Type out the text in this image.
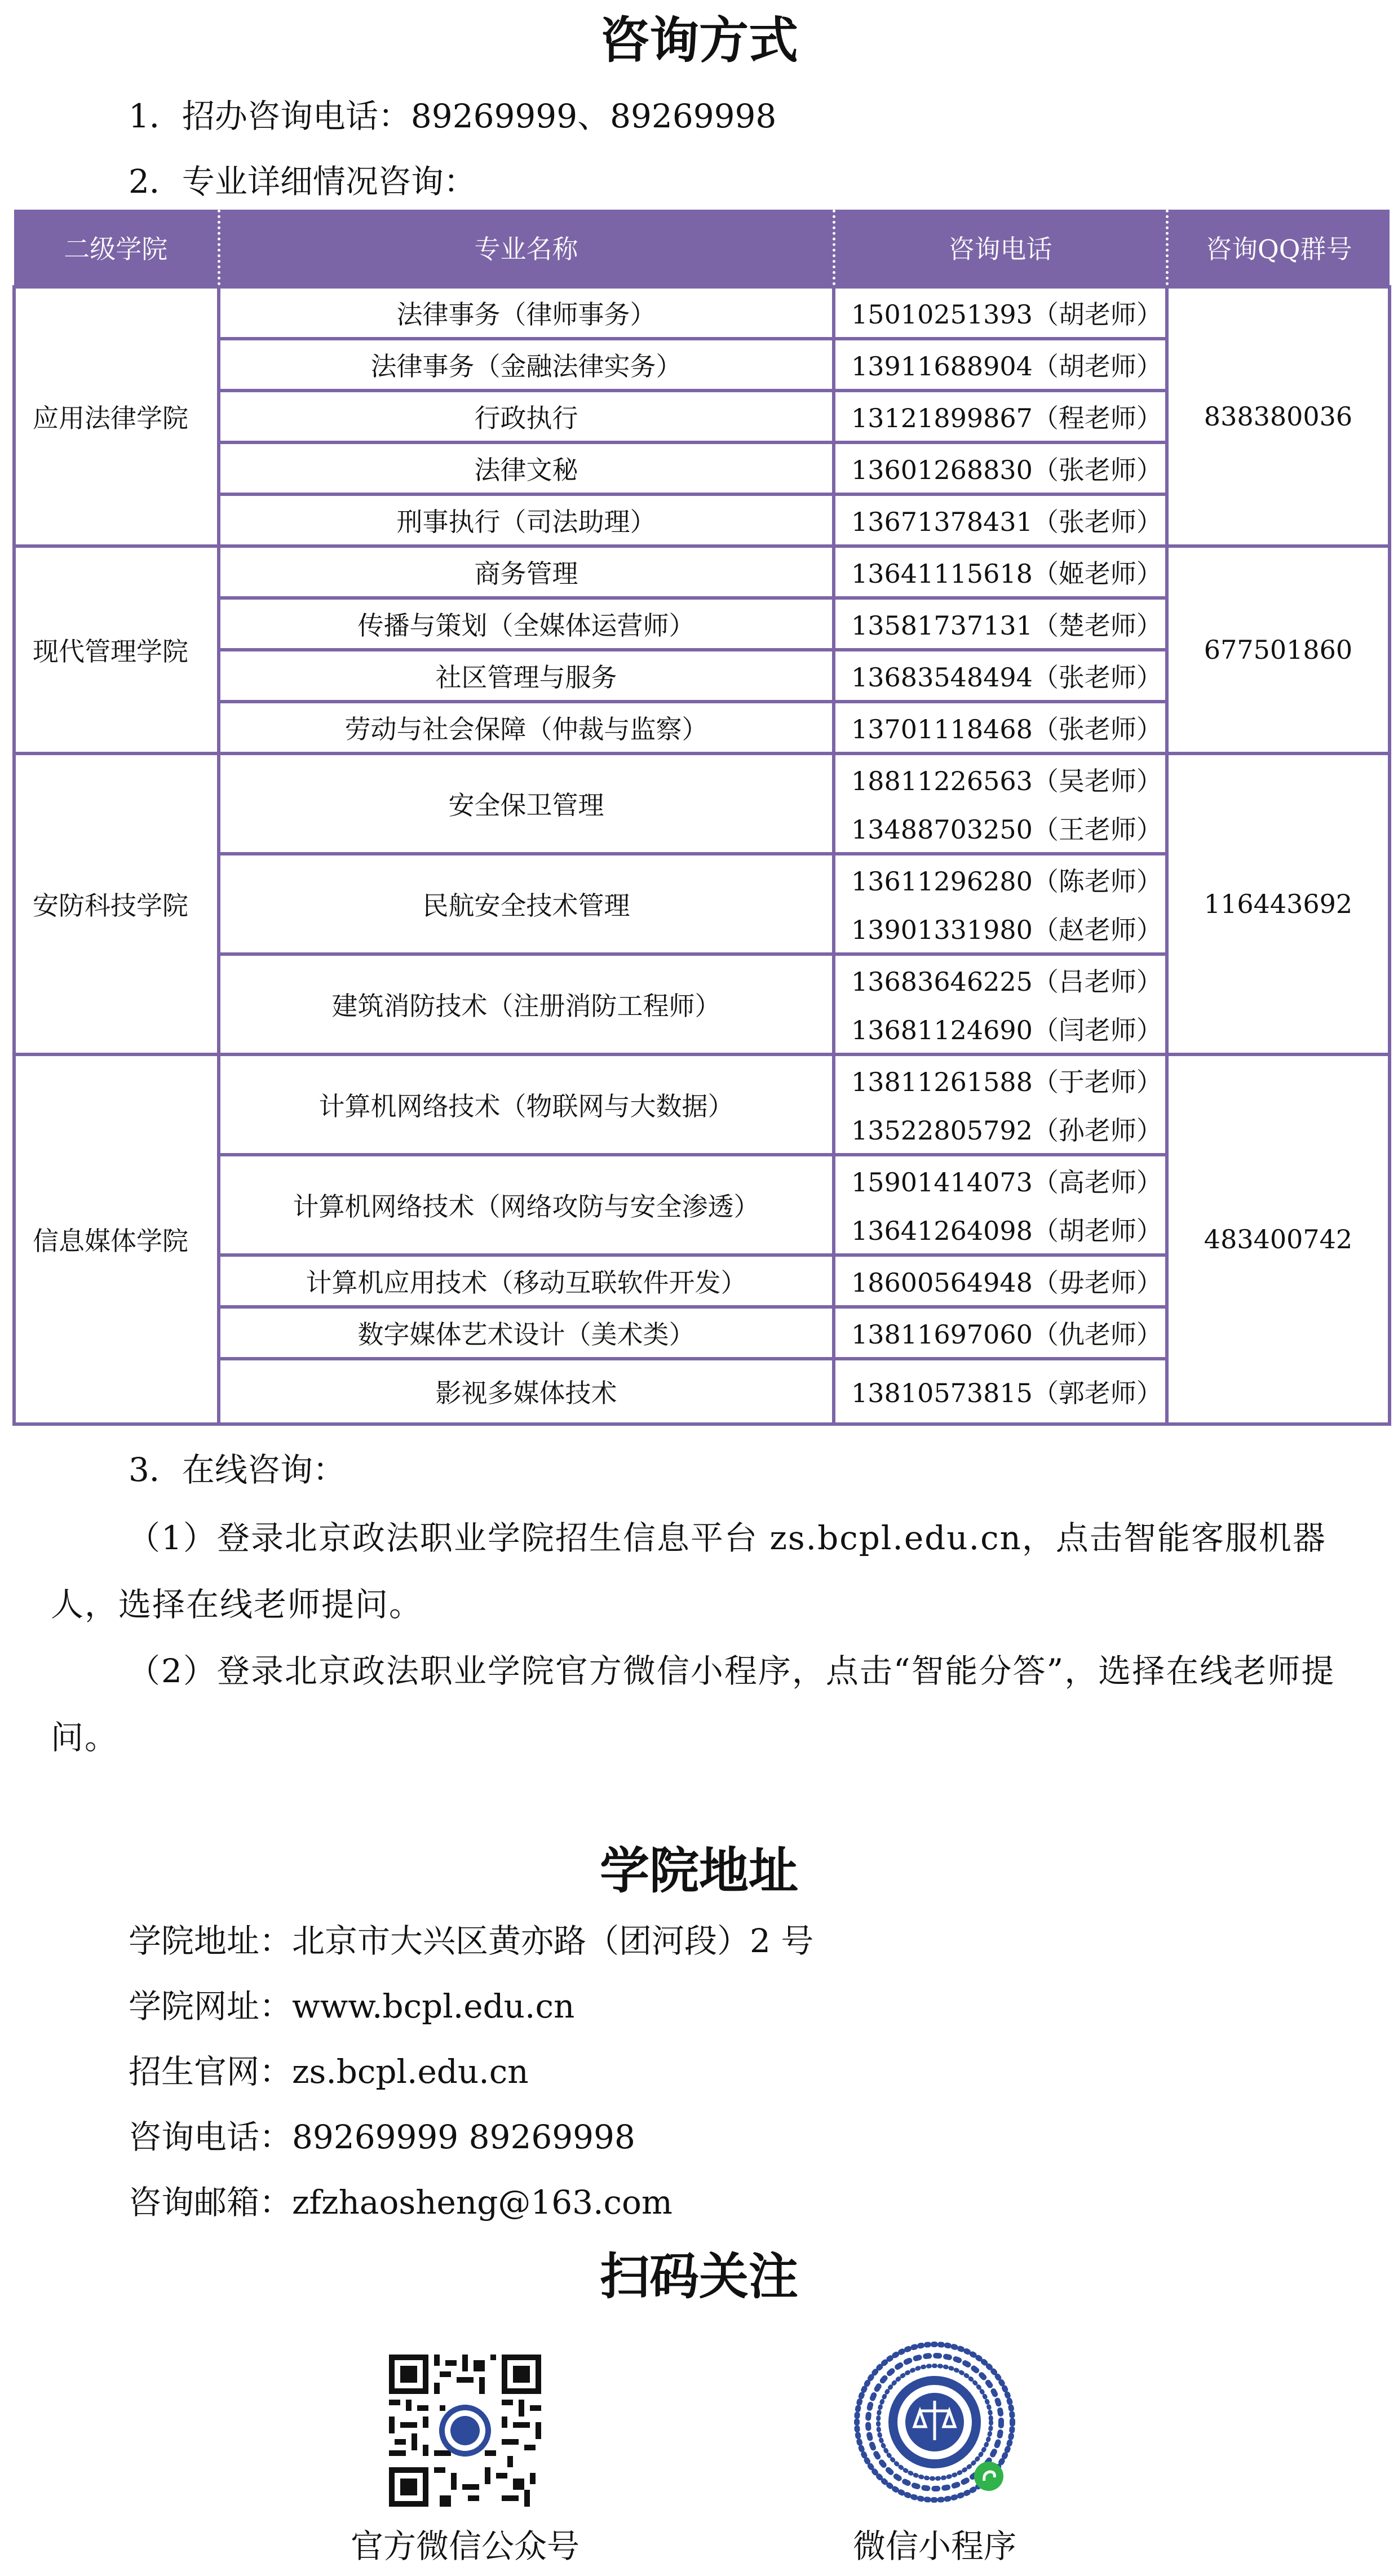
咨询方式
1．招办咨询电话：89269999、89269998
2．专业详细情况咨询：
二级学院	专业名称	咨询电话	咨询QQ群号
应用法律学院	法律事务（律师事务）	15010251393（胡老师）	838380036
	法律事务（金融法律实务）	13911688904（胡老师）	
	行政执行	13121899867（程老师）	
	法律文秘	13601268830（张老师）	
	刑事执行（司法助理）	13671378431（张老师）	
现代管理学院	商务管理	13641115618（姬老师）	677501860
	传播与策划（全媒体运营师）	13581737131（楚老师）	
	社区管理与服务	13683548494（张老师）	
	劳动与社会保障（仲裁与监察）	13701118468（张老师）	
安防科技学院	安全保卫管理	18811226563（吴老师）	116443692
		13488703250（王老师）	
	民航安全技术管理	13611296280（陈老师）	
		13901331980（赵老师）	
	建筑消防技术（注册消防工程师）	13683646225（吕老师）	
		13681124690（闫老师）	
信息媒体学院	计算机网络技术（物联网与大数据）	13811261588（于老师）	483400742
		13522805792（孙老师）	
	计算机网络技术（网络攻防与安全渗透）	15901414073（高老师）	
		13641264098（胡老师）	
	计算机应用技术（移动互联软件开发）	18600564948（毋老师）	
	数字媒体艺术设计（美术类）	13811697060（仇老师）	
	影视多媒体技术	13810573815（郭老师）	
3．在线咨询：
（1）登录北京政法职业学院招生信息平台 zs.bcpl.edu.cn，点击智能客服机器人，选择在线老师提问。
（2）登录北京政法职业学院官方微信小程序，点击“智能分答”，选择在线老师提问。
学院地址
学院地址：北京市大兴区黄亦路（团河段）2 号
学院网址：www.bcpl.edu.cn
招生官网：zs.bcpl.edu.cn
咨询电话：89269999 89269998
咨询邮箱：zfzhaosheng@163.com
扫码关注
官方微信公众号	微信小程序
